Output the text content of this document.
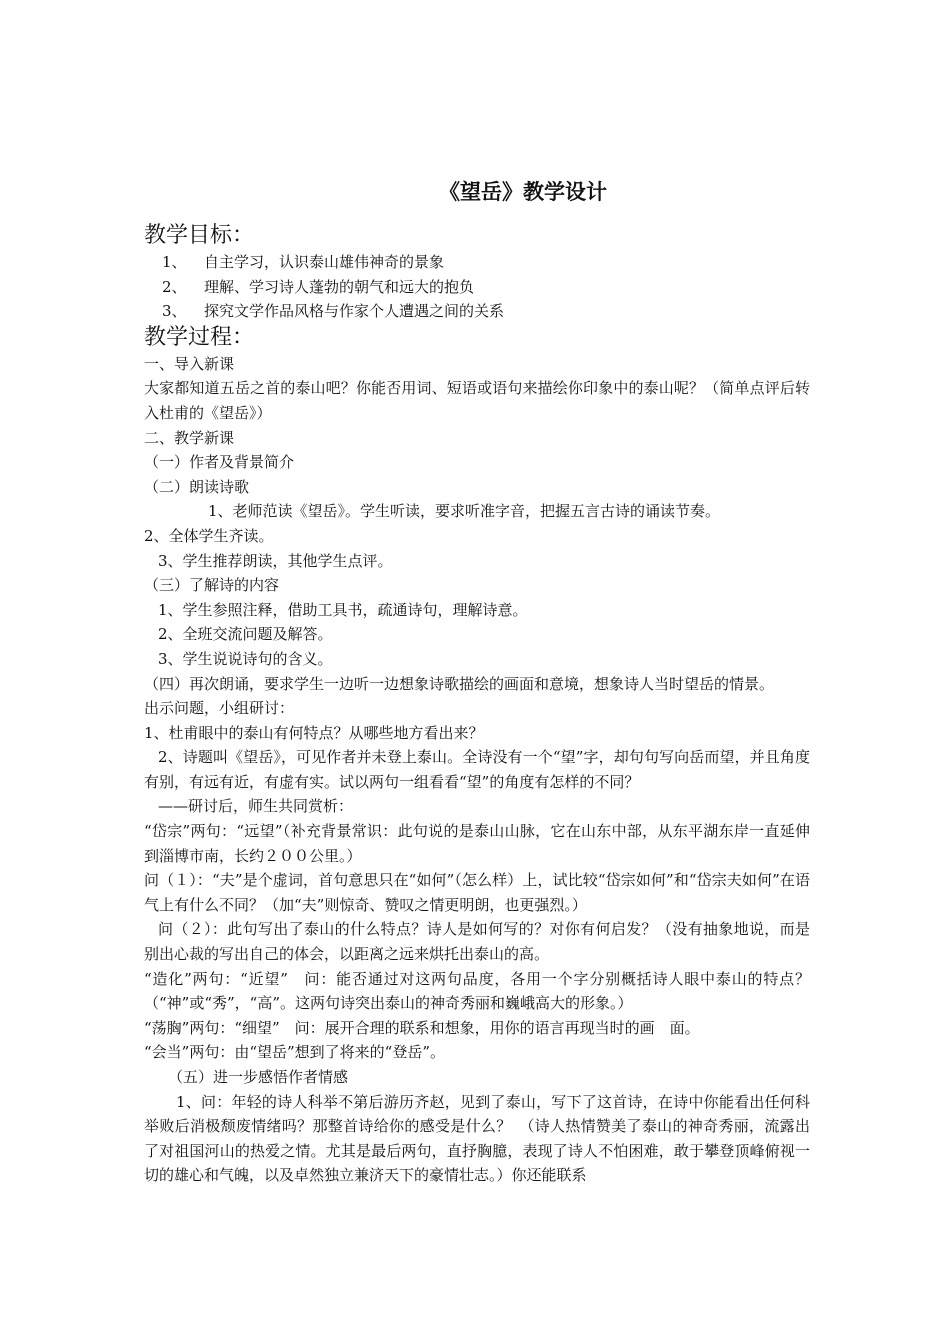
《望岳》教学设计
教学目标：
1、 自主学习，认识泰山雄伟神奇的景象
2、 理解、学习诗人蓬勃的朝气和远大的抱负
3、 探究文学作品风格与作家个人遭遇之间的关系
教学过程：
一、导入新课
大家都知道五岳之首的泰山吧？你能否用词、短语或语句来描绘你印象中的泰山呢？（简单点评后转入杜甫的《望岳》）
二、教学新课
（一）作者及背景简介
（二）朗读诗歌
1、老师范读《望岳》。学生听读，要求听准字音，把握五言古诗的诵读节奏。
2、全体学生齐读。
3、学生推荐朗读，其他学生点评。
（三）了解诗的内容
1、学生参照注释，借助工具书，疏通诗句，理解诗意。
2、全班交流问题及解答。
3、学生说说诗句的含义。
（四）再次朗诵，要求学生一边听一边想象诗歌描绘的画面和意境，想象诗人当时望岳的情景。
出示问题，小组研讨：
1、杜甫眼中的泰山有何特点？从哪些地方看出来？
2、诗题叫《望岳》，可见作者并未登上泰山。全诗没有一个“望”字，却句句写向岳而望，并且角度有别，有远有近，有虚有实。试以两句一组看看“望”的角度有怎样的不同？
——研讨后，师生共同赏析：
“岱宗”两句：“远望”（补充背景常识：此句说的是泰山山脉，它在山东中部，从东平湖东岸一直延伸到淄博市南，长约２００公里。）
问（１）：“夫”是个虚词，首句意思只在“如何”（怎么样）上，试比较“岱宗如何”和“岱宗夫如何”在语气上有什么不同？（加“夫”则惊奇、赞叹之情更明朗，也更强烈。）
问（２）：此句写出了泰山的什么特点？诗人是如何写的？对你有何启发？（没有抽象地说，而是别出心裁的写出自己的体会，以距离之远来烘托出泰山的高。
“造化”两句：“近望”　问：能否通过对这两句品度，各用一个字分别概括诗人眼中泰山的特点？（“神”或“秀”，“高”。这两句诗突出泰山的神奇秀丽和巍峨高大的形象。）
“荡胸”两句：“细望”　问：展开合理的联系和想象，用你的语言再现当时的画　面。
“会当”两句：由“望岳”想到了将来的“登岳”。
（五）进一步感悟作者情感
1、问：年轻的诗人科举不第后游历齐赵，见到了泰山，写下了这首诗，在诗中你能看出任何科举败后消极颓废情绪吗？那整首诗给你的感受是什么？　（诗人热情赞美了泰山的神奇秀丽，流露出了对祖国河山的热爱之情。尤其是最后两句，直抒胸臆，表现了诗人不怕困难，敢于攀登顶峰俯视一切的雄心和气魄，以及卓然独立兼济天下的豪情壮志。）你还能联系
